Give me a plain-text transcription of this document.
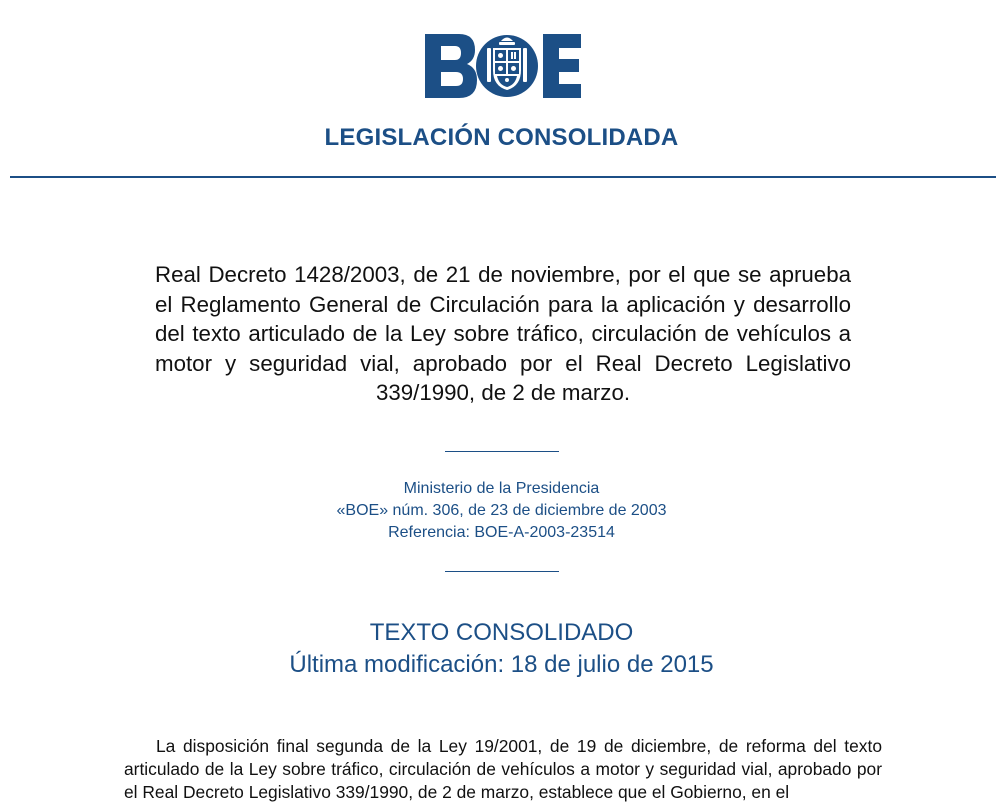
LEGISLACIÓN CONSOLIDADA
Real Decreto 1428/2003, de 21 de noviembre, por el que se aprueba el Reglamento General de Circulación para la aplicación y desarrollo del texto articulado de la Ley sobre tráfico, circulación de vehículos a motor y seguridad vial, aprobado por el Real Decreto Legislativo 339/1990, de 2 de marzo.
Ministerio de la Presidencia
«BOE» núm. 306, de 23 de diciembre de 2003
Referencia: BOE-A-2003-23514
TEXTO CONSOLIDADO
Última modificación: 18 de julio de 2015

La disposición final segunda de la Ley 19/2001, de 19 de diciembre, de reforma del texto articulado de la Ley sobre tráfico, circulación de vehículos a motor y seguridad vial, aprobado por el Real Decreto Legislativo 339/1990, de 2 de marzo, establece que el Gobierno, en el
